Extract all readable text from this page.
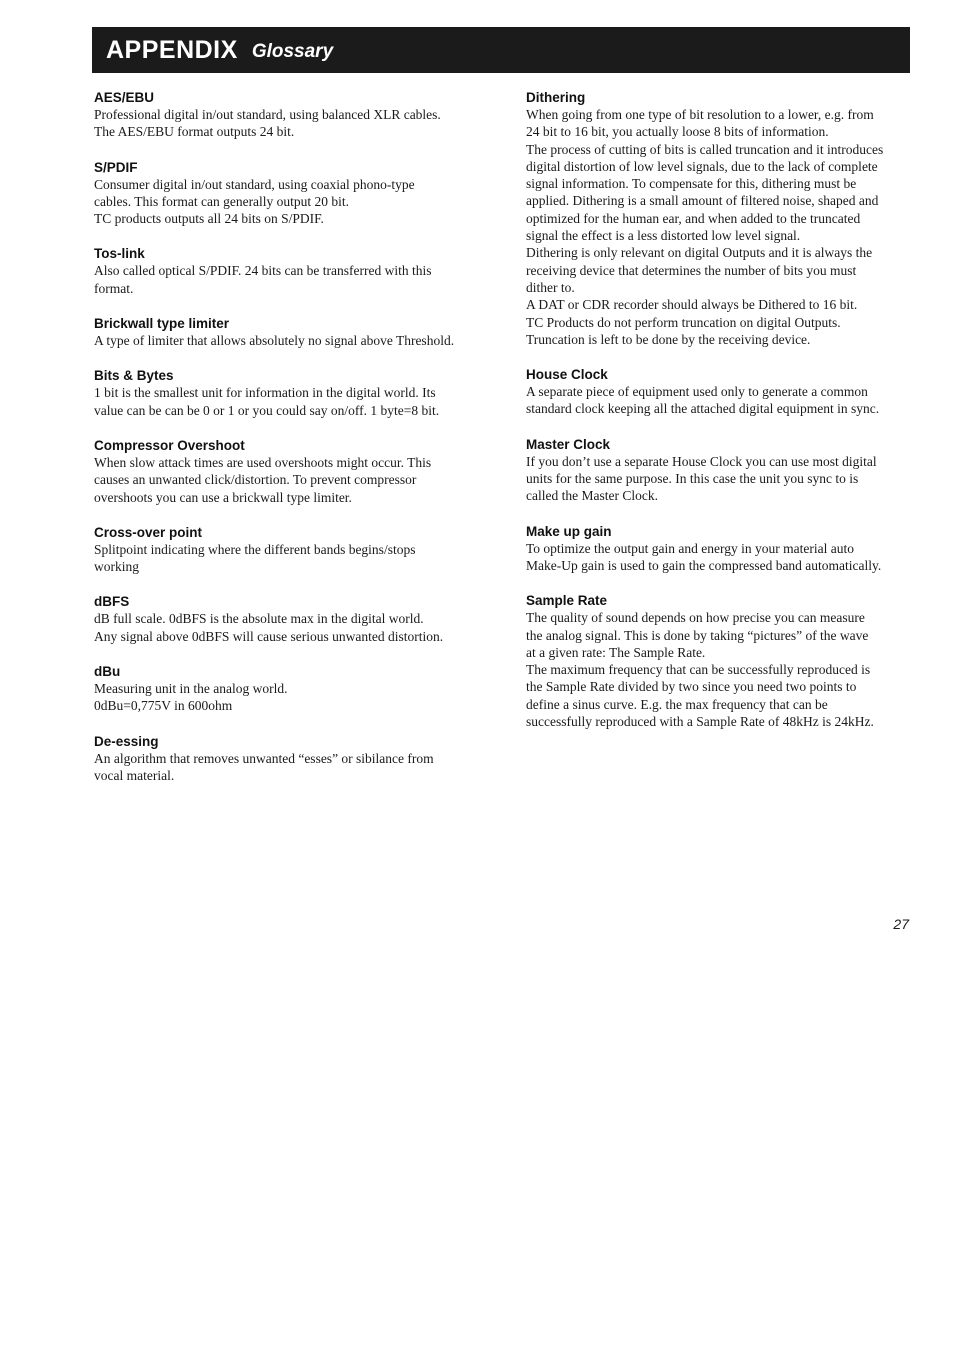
APPENDIX Glossary
AES/EBU
Professional digital in/out standard, using balanced XLR cables.
The AES/EBU format outputs 24 bit.
S/PDIF
Consumer digital in/out standard, using coaxial phono-type
cables. This format can generally output 20 bit.
TC products outputs all 24 bits on S/PDIF.
Tos-link
Also called optical S/PDIF. 24 bits can be transferred with this
format.
Brickwall type limiter
A type of limiter that allows absolutely no signal above Threshold.
Bits & Bytes
1 bit is the smallest unit for information in the digital world. Its
value can be can be 0 or 1 or you could say on/off. 1 byte=8 bit.
Compressor Overshoot
When slow attack times are used overshoots might occur. This
causes an unwanted click/distortion. To prevent compressor
overshoots you can use a brickwall type limiter.
Cross-over point
Splitpoint indicating where the different bands begins/stops
working
dBFS
dB full scale. 0dBFS is the absolute max in the digital world.
Any signal above 0dBFS will cause serious unwanted distortion.
dBu
Measuring unit in the analog world.
0dBu=0,775V in 600ohm
De-essing
An algorithm that removes unwanted “esses” or sibilance from
vocal material.
Dithering
When going from one type of bit resolution to a lower, e.g. from
24 bit to 16 bit, you actually loose 8 bits of information.
The process of cutting of bits is called truncation and it introduces
digital distortion of low level signals, due to the lack of complete
signal information. To compensate for this, dithering must be
applied. Dithering is a small amount of filtered noise, shaped and
optimized for the human ear, and when added to the truncated
signal the effect is a less distorted low level signal.
Dithering is only relevant on digital Outputs and it is always the
receiving device that determines the number of bits you must
dither to.
A DAT or CDR recorder should always be Dithered to 16 bit.
TC Products do not perform truncation on digital Outputs.
Truncation is left to be done by the receiving device.
House Clock
A separate piece of equipment used only to generate a common
standard clock keeping all the attached digital equipment in sync.
Master Clock
If you don’t use a separate House Clock you can use most digital
units for the same purpose. In this case the unit you sync to is
called the Master Clock.
Make up gain
To optimize the output gain and energy in your material auto
Make-Up gain is used to gain the compressed band automatically.
Sample Rate
The quality of sound depends on how precise you can measure
the analog signal. This is done by taking “pictures” of the wave
at a given rate: The Sample Rate.
The maximum frequency that can be successfully reproduced is
the Sample Rate divided by two since you need two points to
define a sinus curve. E.g. the max frequency that can be
successfully reproduced with a Sample Rate of 48kHz is 24kHz.
27
